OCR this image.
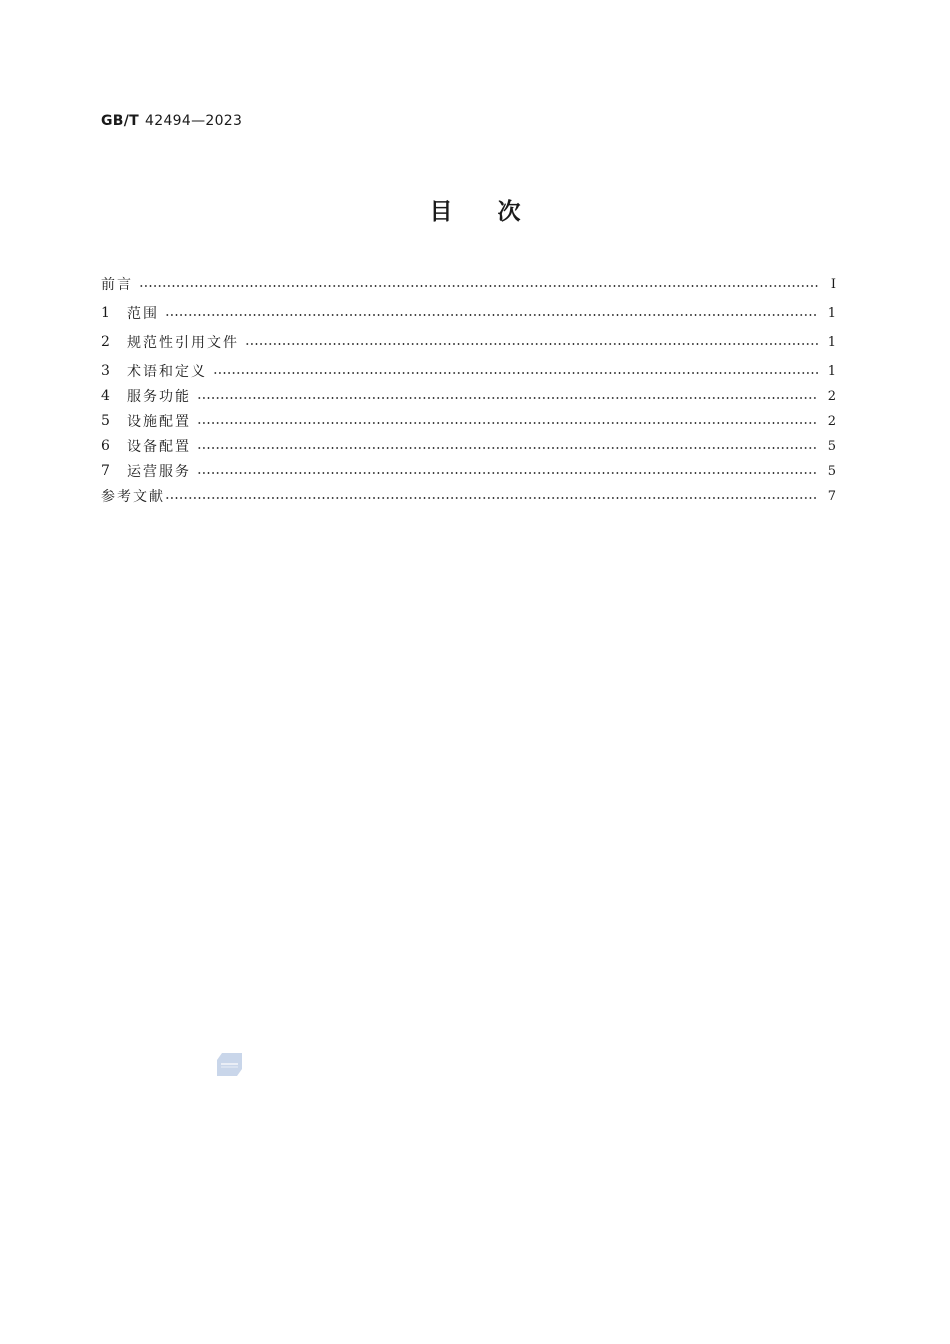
GB/T 42494—2023
目次
前言	Ⅰ
1	范围	1
2	规范性引用文件	1
3	术语和定义	1
4	服务功能	2
5	设施配置	2
6	设备配置	5
7	运营服务	5
参考文献	7
